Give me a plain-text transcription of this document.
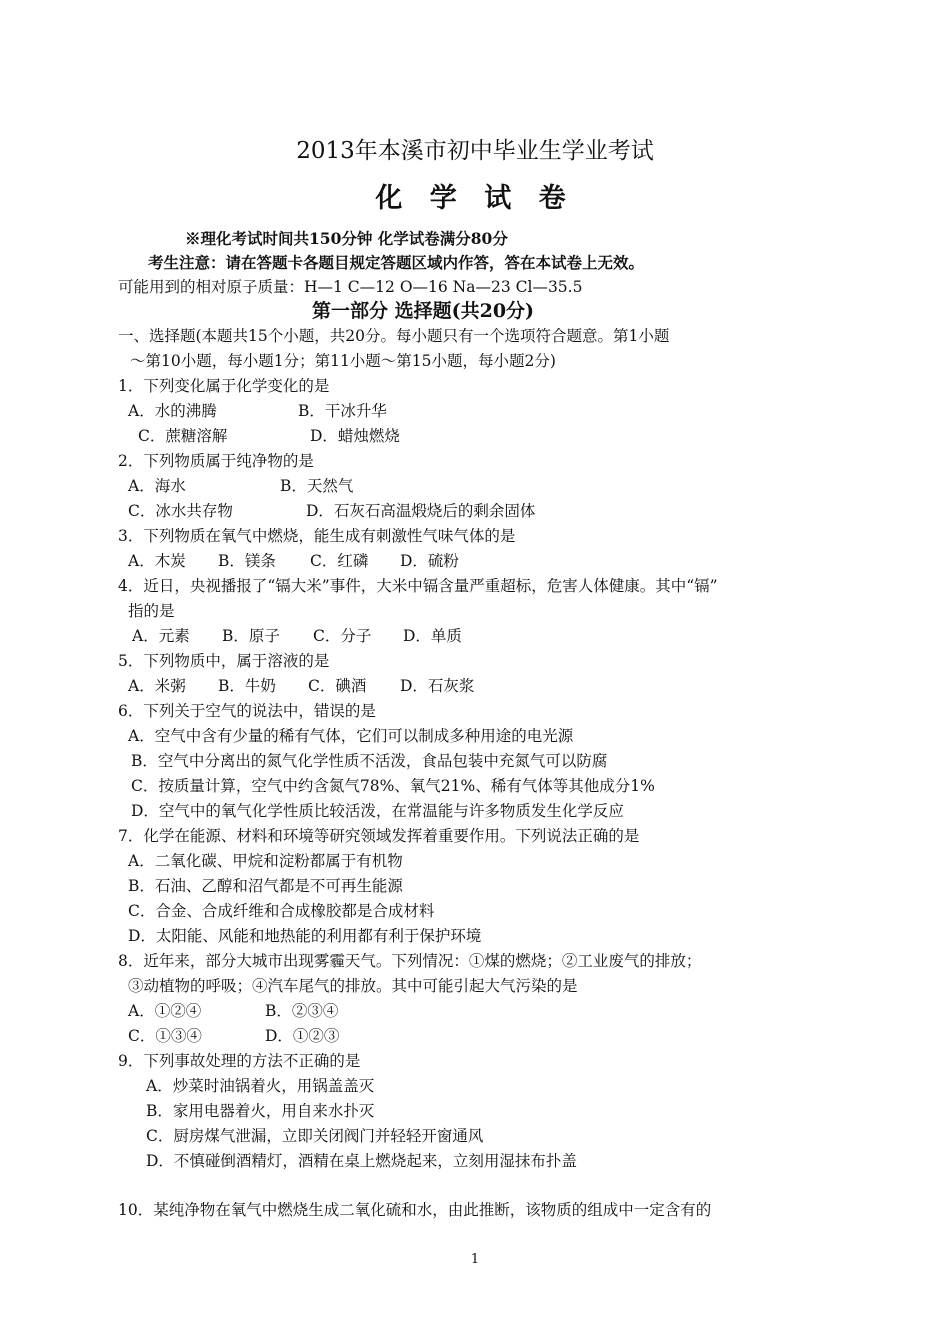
2013年本溪市初中毕业生学业考试
化 学 试 卷
※理化考试时间共150分钟 化学试卷满分80分
考生注意：请在答题卡各题目规定答题区域内作答，答在本试卷上无效。
可能用到的相对原子质量：H—1 C—12 O—16 Na—23 Cl—35.5
第一部分 选择题(共20分)
一、选择题(本题共15个小题，共20分。每小题只有一个选项符合题意。第1小题
～第10小题，每小题1分；第11小题～第15小题，每小题2分)
1．下列变化属于化学变化的是
A．水的沸腾	B．干冰升华
C．蔗糖溶解	D．蜡烛燃烧
2．下列物质属于纯净物的是
A．海水	B．天然气
C．冰水共存物	D．石灰石高温煅烧后的剩余固体
3．下列物质在氧气中燃烧，能生成有刺激性气味气体的是
A．木炭 B．镁条 C．红磷 D．硫粉
4．近日，央视播报了“镉大米”事件，大米中镉含量严重超标，危害人体健康。其中“镉”
指的是
A．元素 B．原子 C．分子 D．单质
5．下列物质中，属于溶液的是
A．米粥 B．牛奶 C．碘酒 D．石灰浆
6．下列关于空气的说法中，错误的是
A．空气中含有少量的稀有气体，它们可以制成多种用途的电光源
B．空气中分离出的氮气化学性质不活泼，食品包装中充氮气可以防腐
C．按质量计算，空气中约含氮气78%、氧气21%、稀有气体等其他成分1%
D．空气中的氧气化学性质比较活泼，在常温能与许多物质发生化学反应
7．化学在能源、材料和环境等研究领域发挥着重要作用。下列说法正确的是
A．二氧化碳、甲烷和淀粉都属于有机物
B．石油、乙醇和沼气都是不可再生能源
C．合金、合成纤维和合成橡胶都是合成材料
D．太阳能、风能和地热能的利用都有利于保护环境
8．近年来，部分大城市出现雾霾天气。下列情况：①煤的燃烧；②工业废气的排放；
③动植物的呼吸；④汽车尾气的排放。其中可能引起大气污染的是
A．①②④	B．②③④
C．①③④	D．①②③
9．下列事故处理的方法不正确的是
A．炒菜时油锅着火，用锅盖盖灭
B．家用电器着火，用自来水扑灭
C．厨房煤气泄漏，立即关闭阀门并轻轻开窗通风
D．不慎碰倒酒精灯，酒精在桌上燃烧起来，立刻用湿抹布扑盖
10．某纯净物在氧气中燃烧生成二氧化硫和水，由此推断，该物质的组成中一定含有的
1
